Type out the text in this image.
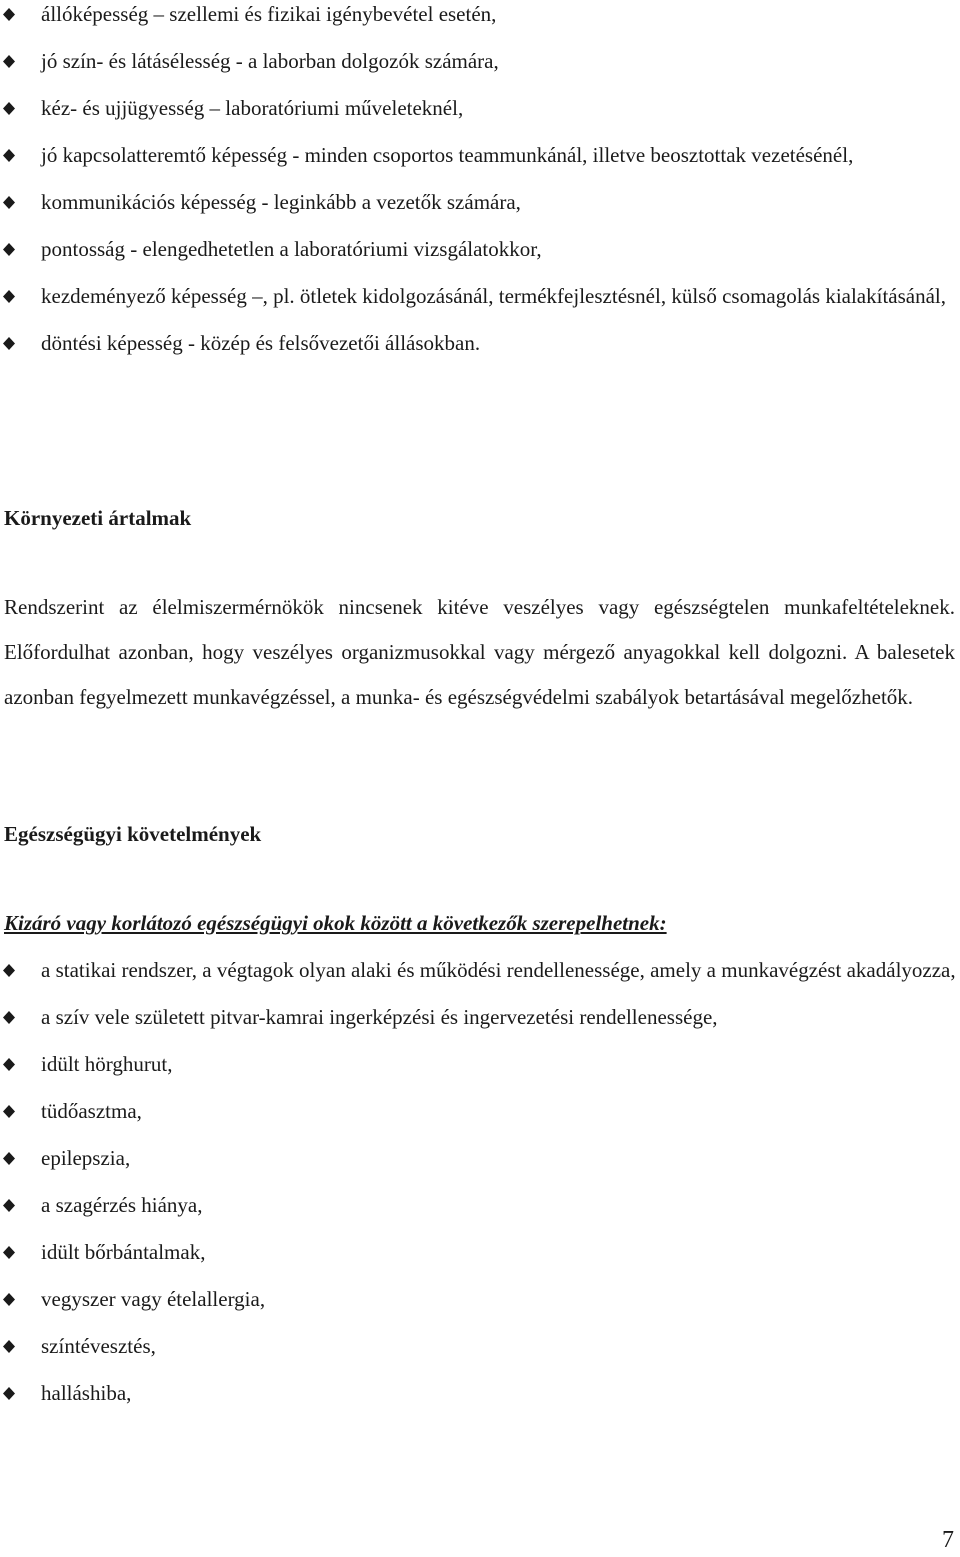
állóképesség – szellemi és fizikai igénybevétel esetén,
jó szín- és látásélesség - a laborban dolgozók számára,
kéz- és ujjügyesség – laboratóriumi műveleteknél,
jó kapcsolatteremtő képesség - minden csoportos teammunkánál, illetve beosztottak vezetésénél,
kommunikációs képesség - leginkább a vezetők számára,
pontosság - elengedhetetlen a laboratóriumi vizsgálatokkor,
kezdeményező képesség –, pl. ötletek kidolgozásánál, termékfejlesztésnél, külső csomagolás kialakításánál,
döntési képesség - közép és felsővezetői állásokban.
Környezeti ártalmak

Rendszerint az élelmiszermérnökök nincsenek kitéve veszélyes vagy egészségtelen munkafeltételeknek. Előfordulhat azonban, hogy veszélyes organizmusokkal vagy mérgező anyagokkal kell dolgozni. A balesetek azonban fegyelmezett munkavégzéssel, a munka- és egészségvédelmi szabályok betartásával megelőzhetők.

Egészségügyi követelmények

Kizáró vagy korlátozó egészségügyi okok között a következők szerepelhetnek:

a statikai rendszer, a végtagok olyan alaki és működési rendellenessége, amely a munkavégzést akadályozza,
a szív vele született pitvar-kamrai ingerképzési és ingervezetési rendellenessége,
idült hörghurut,
tüdőasztma,
epilepszia,
a szagérzés hiánya,
idült bőrbántalmak,
vegyszer vagy ételallergia,
színtévesztés,
halláshiba,
7
